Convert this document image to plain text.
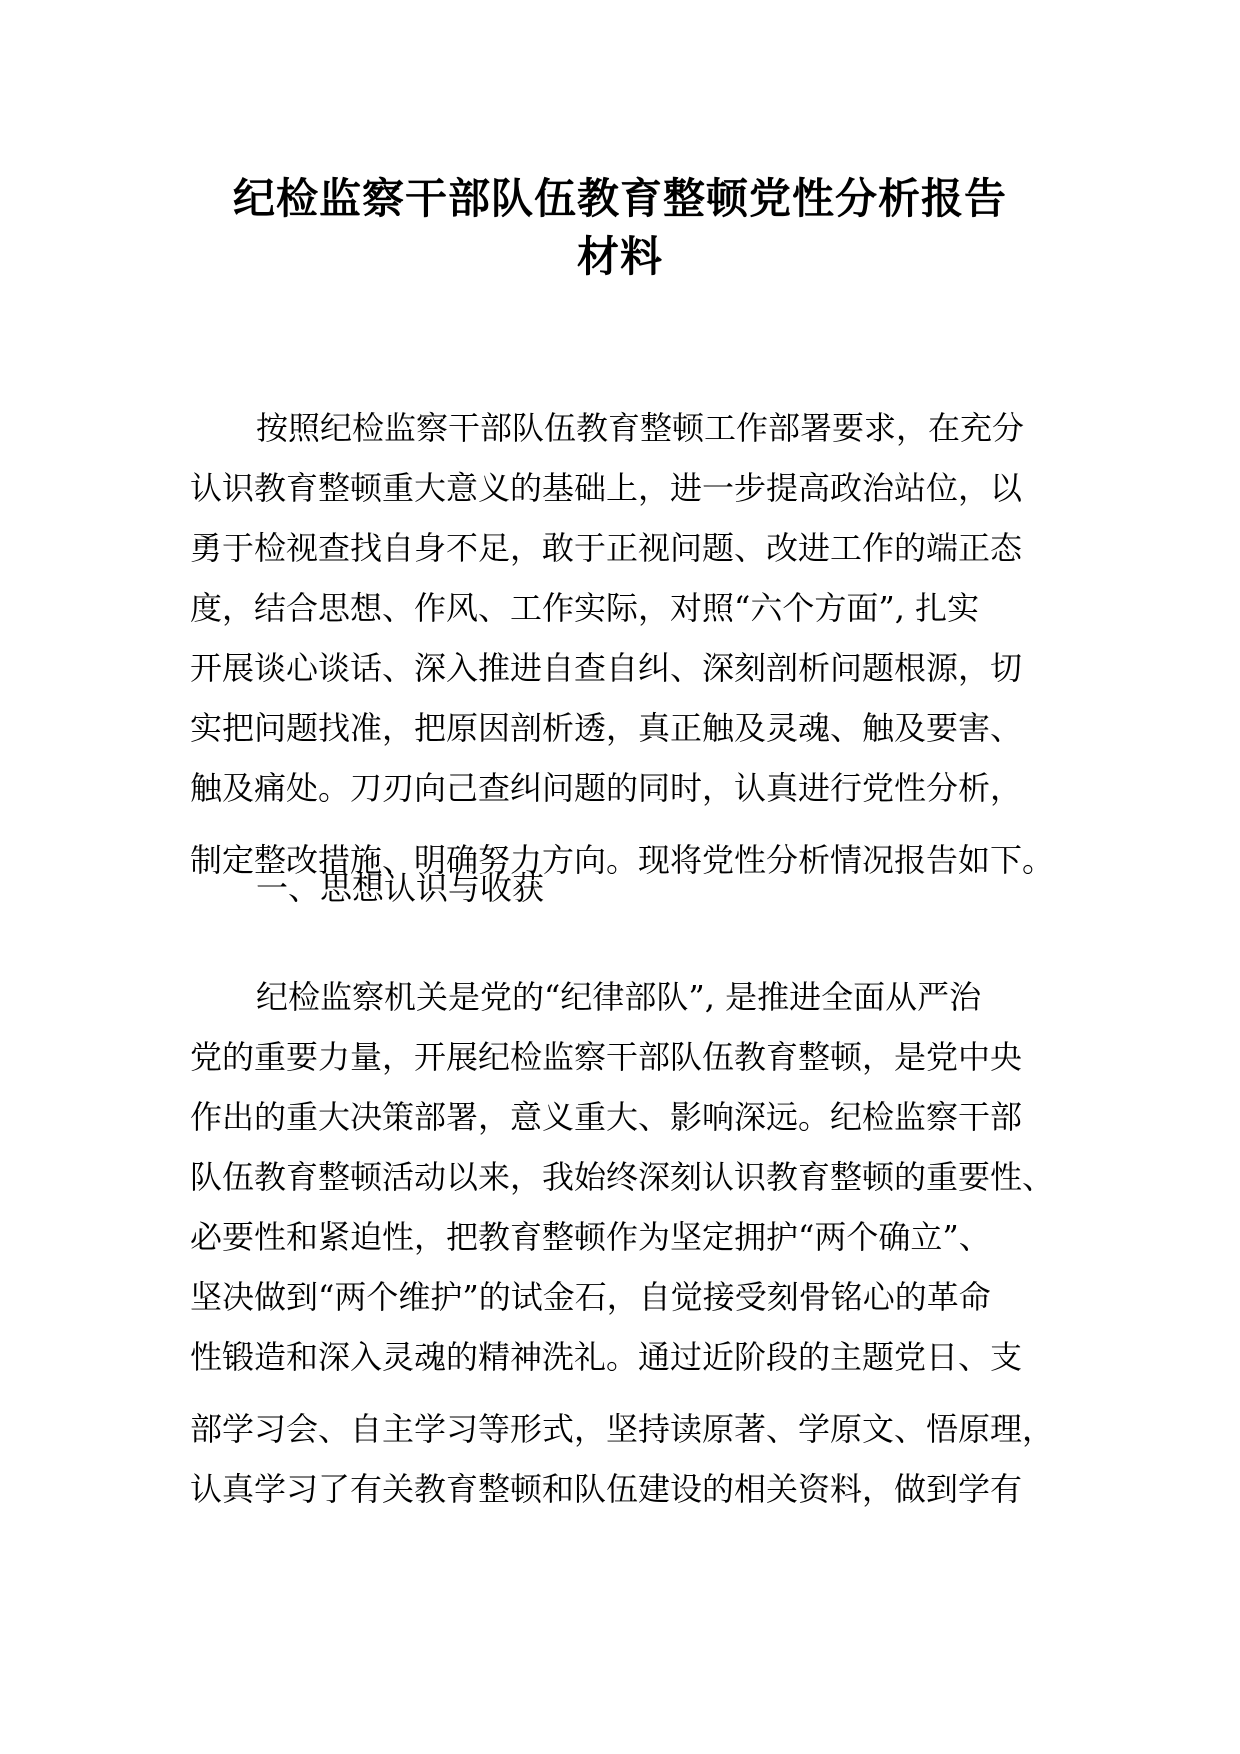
纪检监察干部队伍教育整顿党性分析报告
材料
按照纪检监察干部队伍教育整顿工作部署要求，在充分
认识教育整顿重大意义的基础上，进一步提高政治站位，以
勇于检视查找自身不足，敢于正视问题、改进工作的端正态
度，结合思想、作风、工作实际，对照“六个方面”, 扎实
开展谈心谈话、深入推进自查自纠、深刻剖析问题根源，切
实把问题找准，把原因剖析透，真正触及灵魂、触及要害、
触及痛处。刀刃向己查纠问题的同时，认真进行党性分析，
制定整改措施、明确努力方向。现将党性分析情况报告如下。
一、思想认识与收获
纪检监察机关是党的“纪律部队”, 是推进全面从严治
党的重要力量，开展纪检监察干部队伍教育整顿，是党中央
作出的重大决策部署，意义重大、影响深远。纪检监察干部
队伍教育整顿活动以来，我始终深刻认识教育整顿的重要性、
必要性和紧迫性，把教育整顿作为坚定拥护“两个确立”、
坚决做到“两个维护”的试金石，自觉接受刻骨铭心的革命
性锻造和深入灵魂的精神洗礼。通过近阶段的主题党日、支
部学习会、自主学习等形式，坚持读原著、学原文、悟原理，
认真学习了有关教育整顿和队伍建设的相关资料，做到学有
